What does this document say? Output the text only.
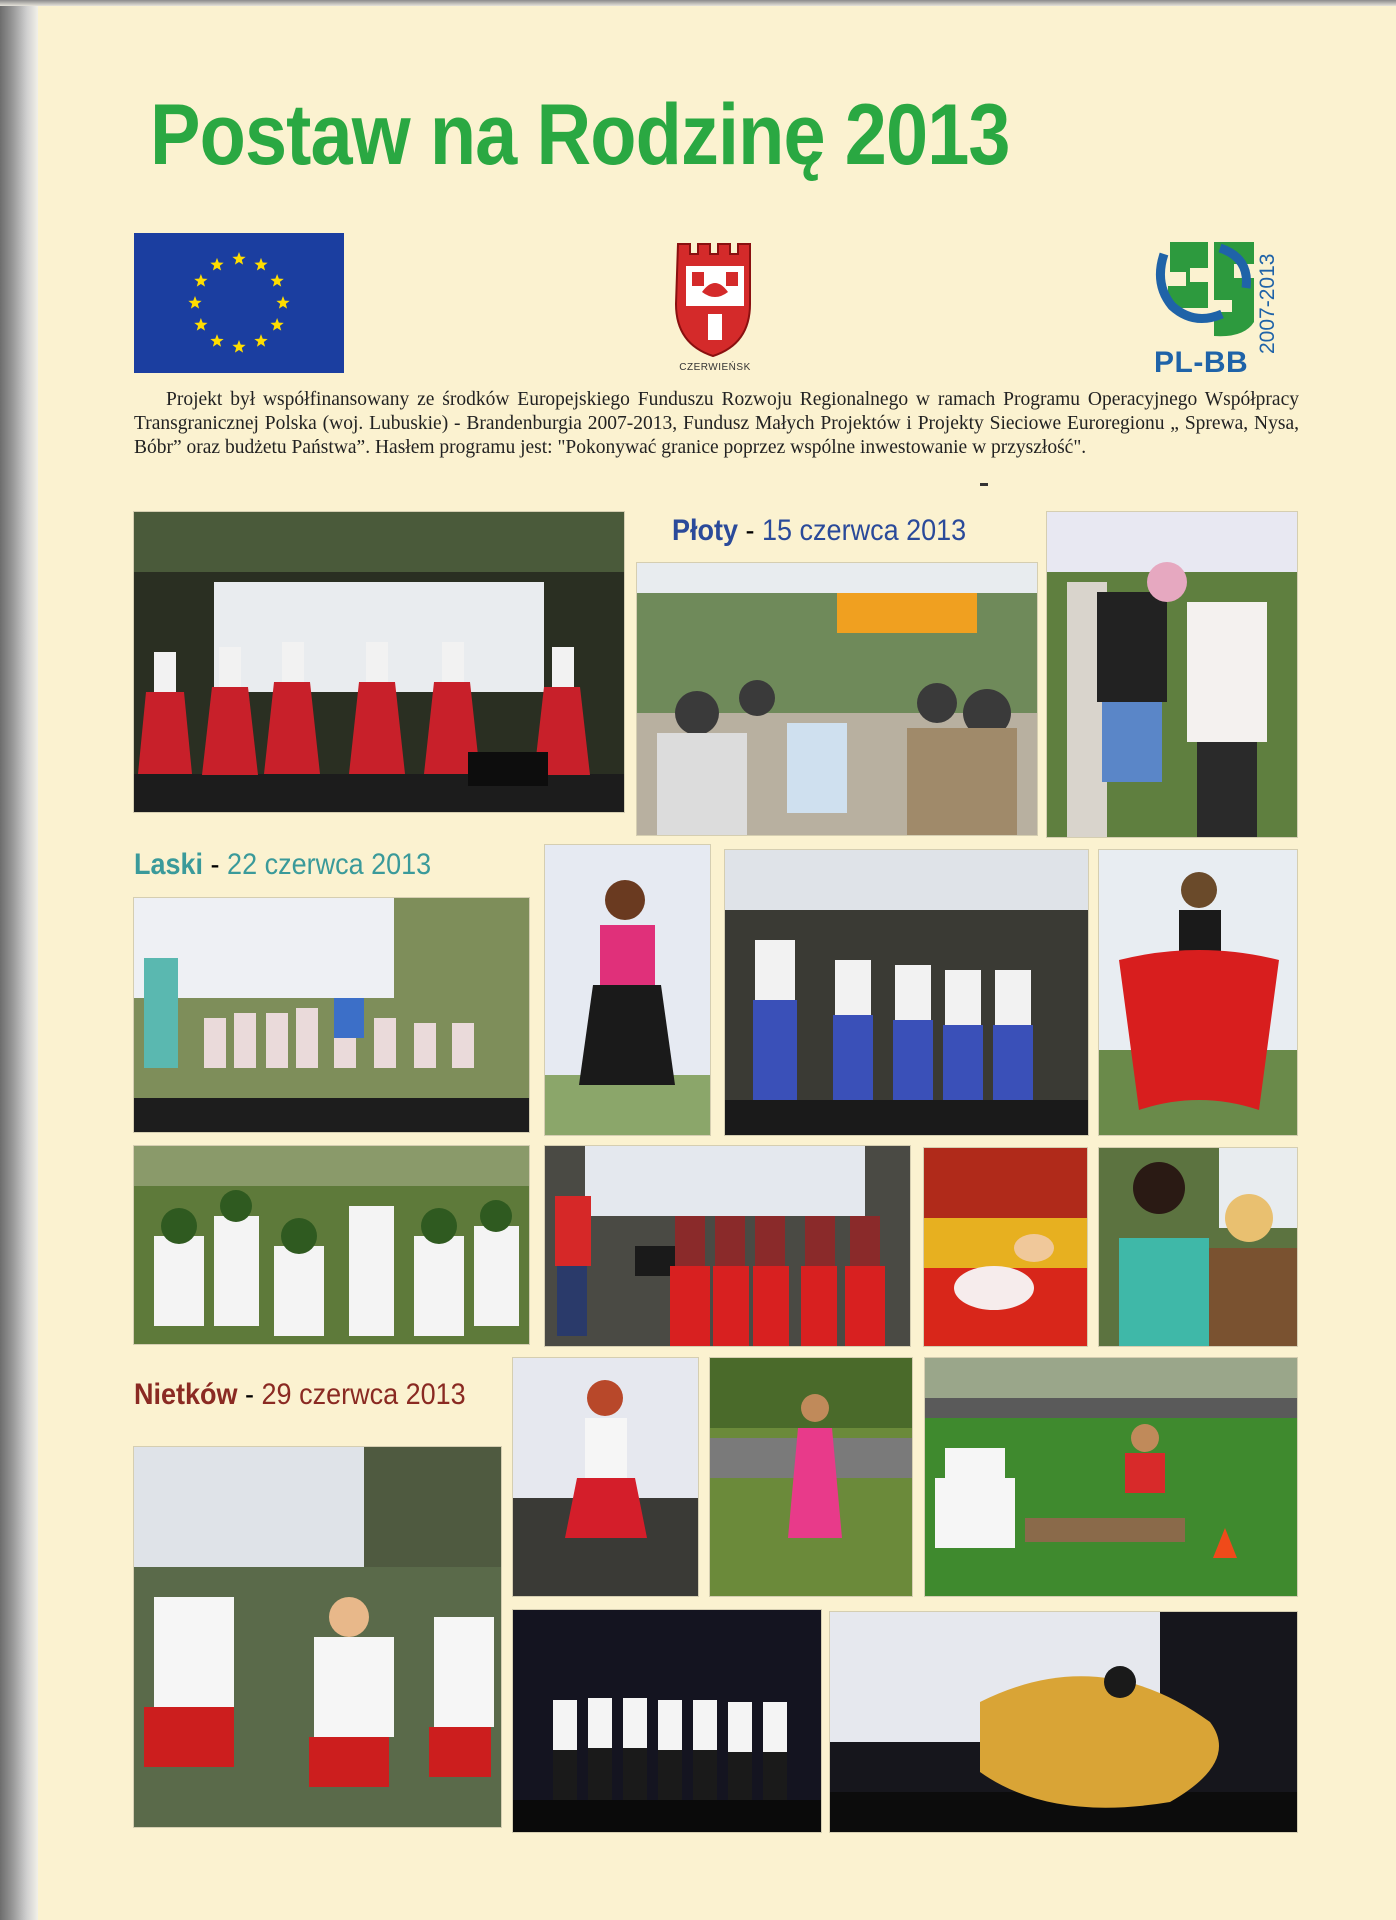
Postaw na Rodzinę 2013
CZERWIEŃSK	PL-BB
2007-2013

Projekt był współfinansowany ze środków Europejskiego Funduszu Rozwoju Regionalnego w ramach Programu Operacyjnego Współpracy Transgranicznej Polska (woj. Lubuskie) - Brandenburgia 2007-2013, Fundusz Małych Projektów i Projekty Sieciowe Euroregionu „ Sprewa, Nysa, Bóbr” oraz budżetu Państwa”. Hasłem programu jest: "Pokonywać granice poprzez wspólne inwestowanie w przyszłość".

Płoty - 15 czerwca 2013
Laski - 22 czerwca 2013
Nietków - 29 czerwca 2013
